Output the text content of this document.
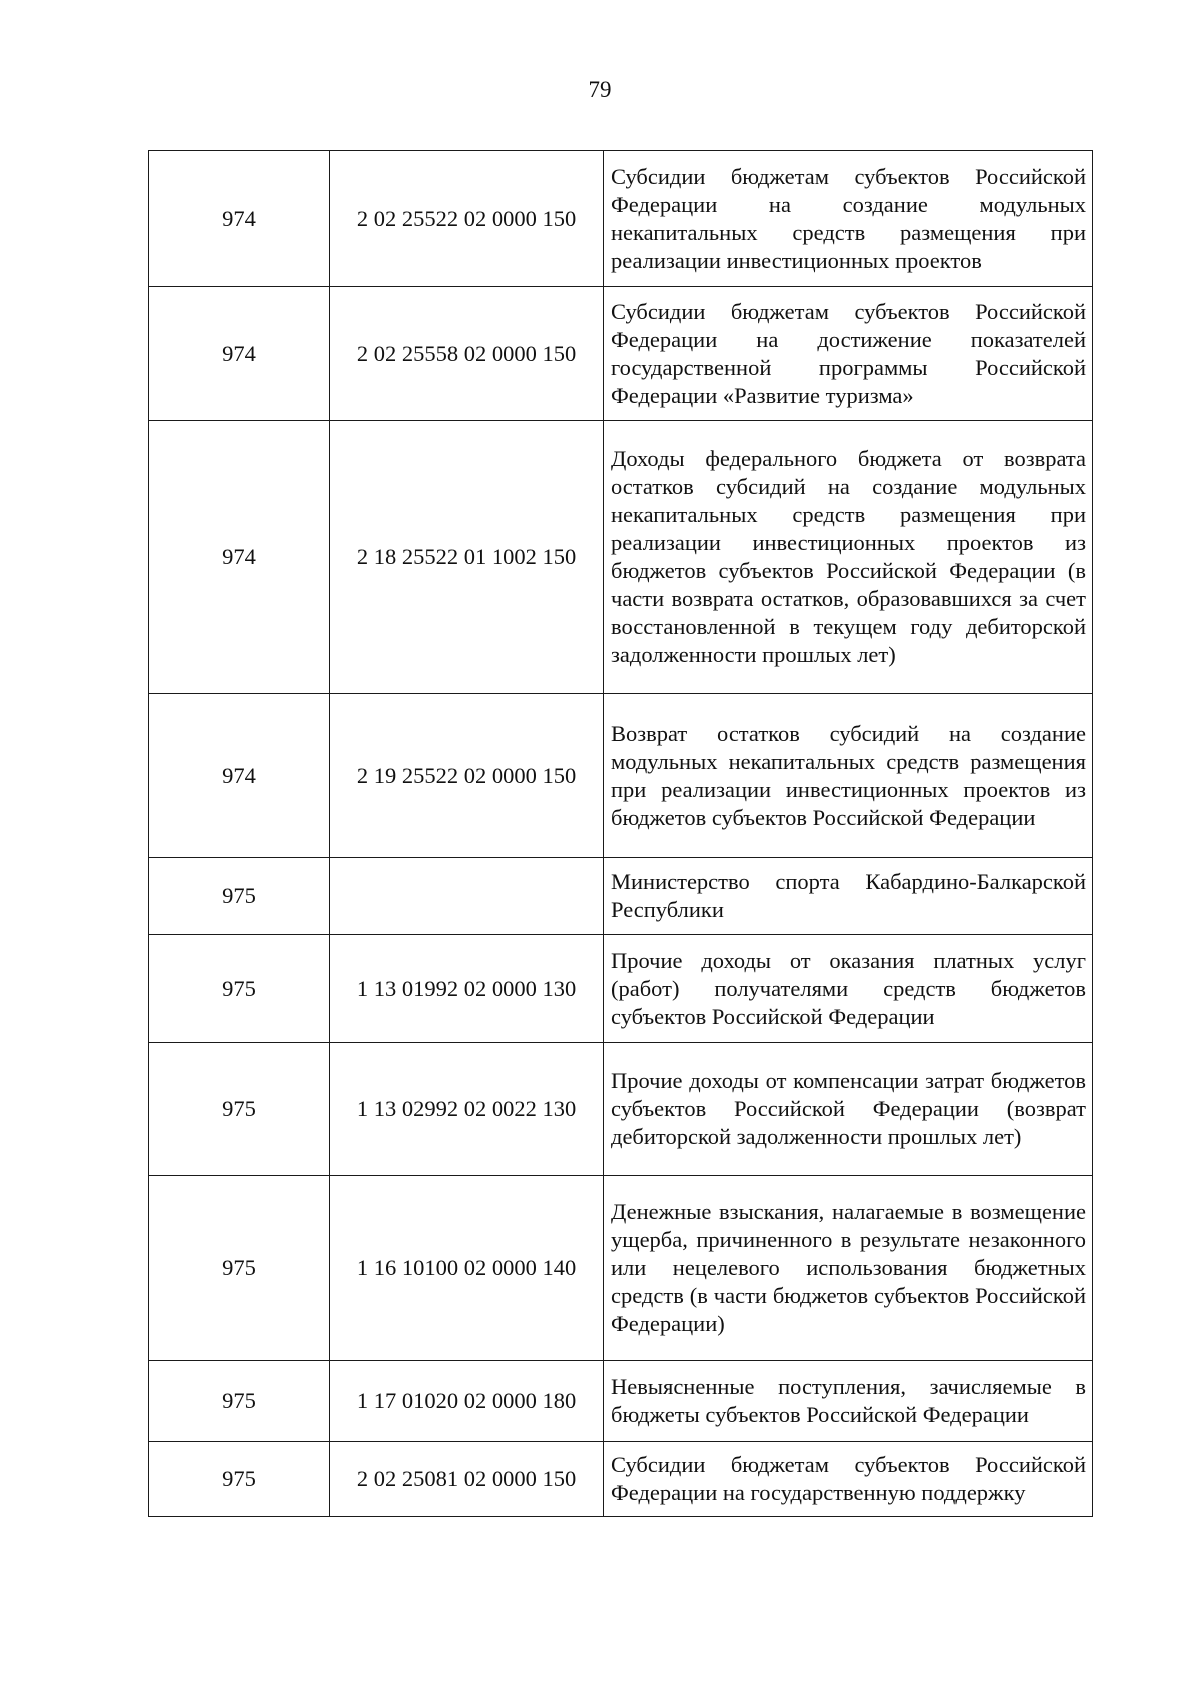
79
974	2 02 25522 02 0000 150	Субсидии бюджетам субъектов Российской Федерации на создание модульных некапитальных средств размещения при реализации инвестиционных проектов
974	2 02 25558 02 0000 150	Субсидии бюджетам субъектов Российской Федерации на достижение показателей государственной программы Российской Федерации «Развитие туризма»
974	2 18 25522 01 1002 150	Доходы федерального бюджета от возврата остатков субсидий на создание модульных некапитальных средств размещения при реализации инвестиционных проектов из бюджетов субъектов Российской Федерации (в части возврата остатков, образовавшихся за счет восстановленной в текущем году дебиторской задолженности прошлых лет)
974	2 19 25522 02 0000 150	Возврат остатков субсидий на создание модульных некапитальных средств размещения при реализации инвестиционных проектов из бюджетов субъектов Российской Федерации
975		Министерство спорта Кабардино-Балкарской Республики
975	1 13 01992 02 0000 130	Прочие доходы от оказания платных услуг (работ) получателями средств бюджетов субъектов Российской Федерации
975	1 13 02992 02 0022 130	Прочие доходы от компенсации затрат бюджетов субъектов Российской Федерации (возврат дебиторской задолженности прошлых лет)
975	1 16 10100 02 0000 140	Денежные взыскания, налагаемые в возмещение ущерба, причиненного в результате незаконного или нецелевого использования бюджетных средств (в части бюджетов субъектов Российской Федерации)
975	1 17 01020 02 0000 180	Невыясненные поступления, зачисляемые в бюджеты субъектов Российской Федерации
975	2 02 25081 02 0000 150	Субсидии бюджетам субъектов Российской Федерации на государственную поддержку
